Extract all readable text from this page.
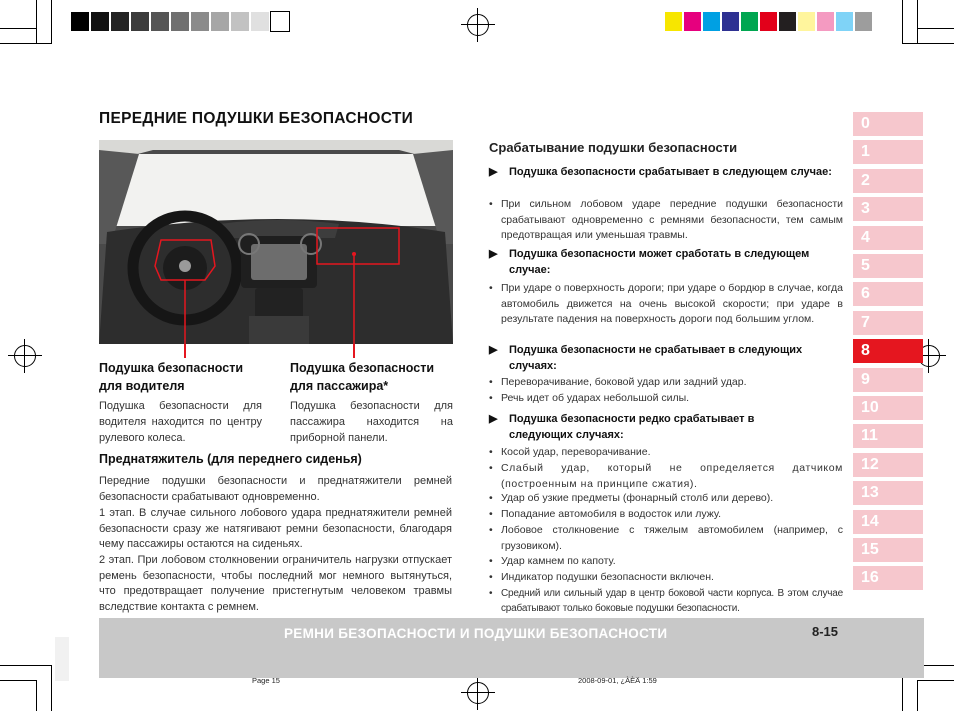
ПЕРЕДНИЕ ПОДУШКИ БЕЗОПАСНОСТИ
Подушка безопасности для водителя
Подушка безопасности для водителя находится по центру рулевого колеса.
Подушка безопасности для пассажира*
Подушка безопасности для пассажира находится на приборной панели.
Преднатяжитель (для переднего сиденья)
Передние подушки безопасности и преднатяжители ремней безопасности срабатывают одновременно.
1 этап. В случае сильного лобового удара преднатяжители ремней безопасности сразу же натягивают ремни безопасности, благодаря чему пассажиры остаются на сиденьях.
2 этап. При лобовом столкновении ограничитель нагрузки отпускает ремень безопасности, чтобы последний мог немного вытянуться, что предотвращает получение пристегнутым человеком травмы вследствие контакта с ремнем.
Срабатывание подушки безопасности
▶	Подушка безопасности срабатывает в следующем случае:
• При сильном лобовом ударе передние подушки безопасности срабатывают одновременно с ремнями безопасности, тем самым предотвращая или уменьшая травмы.
▶	Подушка безопасности может сработать в следующем случае:
• При ударе о поверхность дороги; при ударе о бордюр в случае, когда автомобиль движется на очень высокой скорости; при ударе в результате падения на поверхность дороги под большим углом.
▶	Подушка безопасности не срабатывает в следующих случаях:
• Переворачивание, боковой удар или задний удар.
• Речь идет об ударах небольшой силы.
▶	Подушка безопасности редко срабатывает в следующих случаях:
• Косой удар, переворачивание.
• Слабый удар, который не определяется датчиком (построенным на принципе сжатия).
• Удар об узкие предметы (фонарный столб или дерево).
• Попадание автомобиля в водосток или лужу.
• Лобовое столкновение с тяжелым автомобилем (например, с грузовиком).
• Удар камнем по капоту.
• Индикатор подушки безопасности включен.
• Средний или сильный удар в центр боковой части корпуса. В этом случае срабатывают только боковые подушки безопасности.
0
1
2
3
4
5
6
7
8
9
10
11
12
13
14
15
16
РЕМНИ БЕЗОПАСНОСТИ И ПОДУШКИ БЕЗОПАСНОСТИ	8-15
Page 15	2008-09-01, ¿ÀÈÄ 1:59
